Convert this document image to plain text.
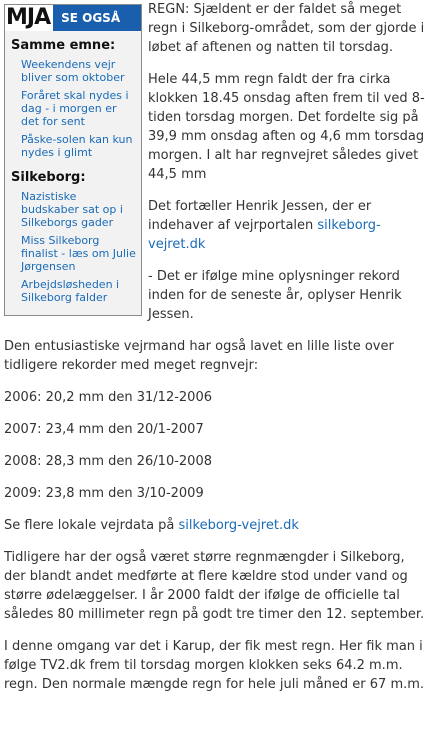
MJA SE OGSÅ
Samme emne:
Weekendens vejr bliver som oktober
Foråret skal nydes i dag - i morgen er det for sent
Påske-solen kan kun nydes i glimt
Silkeborg:
Nazistiske budskaber sat op i Silkeborgs gader
Miss Silkeborg finalist - læs om Julie Jørgensen
Arbejdsløsheden i Silkeborg falder

REGN: Sjældent er der faldet så meget regn i Silkeborg-området, som der gjorde i løbet af aftenen og natten til torsdag.

Hele 44,5 mm regn faldt der fra cirka klokken 18.45 onsdag aften frem til ved 8-tiden torsdag morgen. Det fordelte sig på 39,9 mm onsdag aften og 4,6 mm torsdag morgen. I alt har regnvejret således givet 44,5 mm

Det fortæller Henrik Jessen, der er indehaver af vejrportalen silkeborg-vejret.dk

- Det er ifølge mine oplysninger rekord inden for de seneste år, oplyser Henrik Jessen.

Den entusiastiske vejrmand har også lavet en lille liste over tidligere rekorder med meget regnvejr:

2006: 20,2 mm den 31/12-2006

2007: 23,4 mm den 20/1-2007

2008: 28,3 mm den 26/10-2008

2009: 23,8 mm den 3/10-2009

Se flere lokale vejrdata på silkeborg-vejret.dk

Tidligere har der også været større regnmængder i Silkeborg, der blandt andet medførte at flere kældre stod under vand og større ødelæggelser. I år 2000 faldt der ifølge de officielle tal således 80 millimeter regn på godt tre timer den 12. september.

I denne omgang var det i Karup, der fik mest regn. Her fik man i følge TV2.dk frem til torsdag morgen klokken seks 64.2 m.m. regn. Den normale mængde regn for hele juli måned er 67 m.m.
